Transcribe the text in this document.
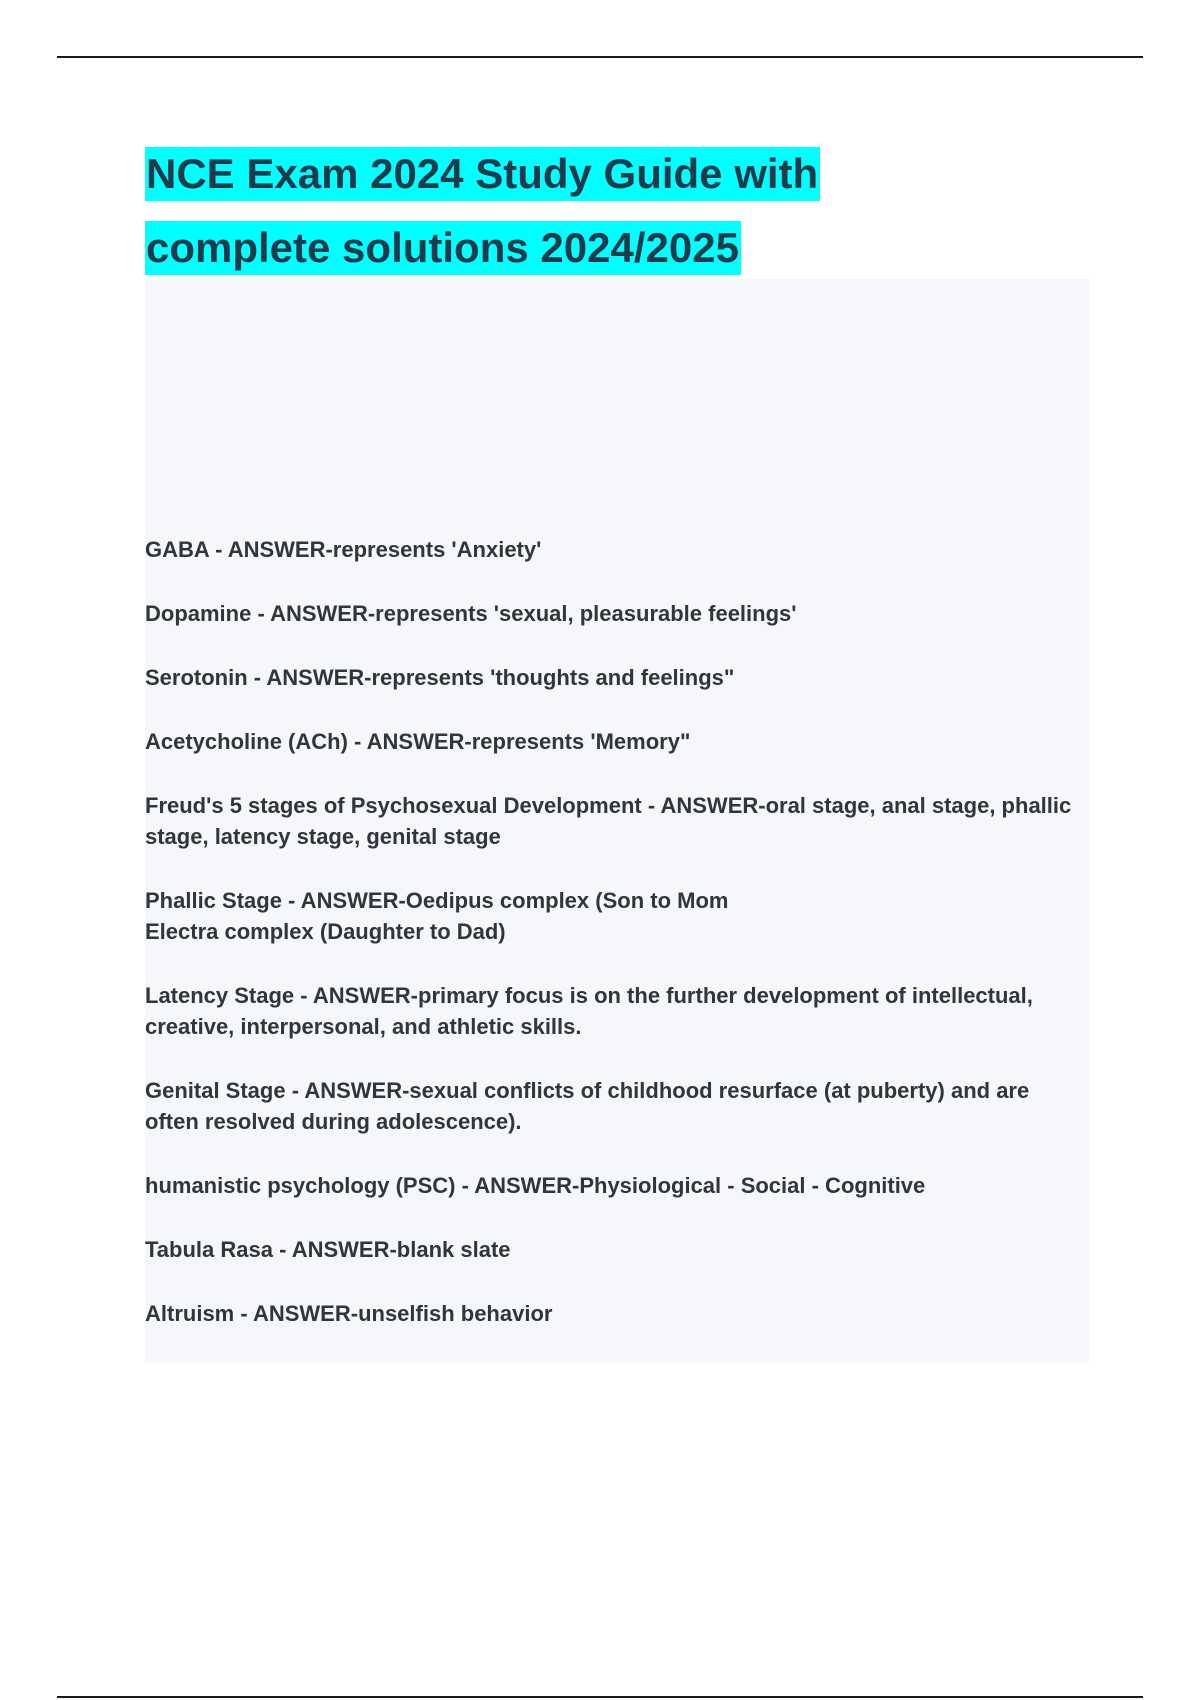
NCE Exam 2024 Study Guide with
complete solutions 2024/2025
GABA - ANSWER-represents 'Anxiety'
Dopamine - ANSWER-represents 'sexual, pleasurable feelings'
Serotonin - ANSWER-represents 'thoughts and feelings"
Acetycholine (ACh) - ANSWER-represents 'Memory"
Freud's 5 stages of Psychosexual Development - ANSWER-oral stage, anal stage, phallic stage, latency stage, genital stage
Phallic Stage - ANSWER-Oedipus complex (Son to Mom
Electra complex (Daughter to Dad)
Latency Stage - ANSWER-primary focus is on the further development of intellectual, creative, interpersonal, and athletic skills.
Genital Stage - ANSWER-sexual conflicts of childhood resurface (at puberty) and are often resolved during adolescence).
humanistic psychology (PSC) - ANSWER-Physiological - Social - Cognitive
Tabula Rasa - ANSWER-blank slate
Altruism - ANSWER-unselfish behavior
